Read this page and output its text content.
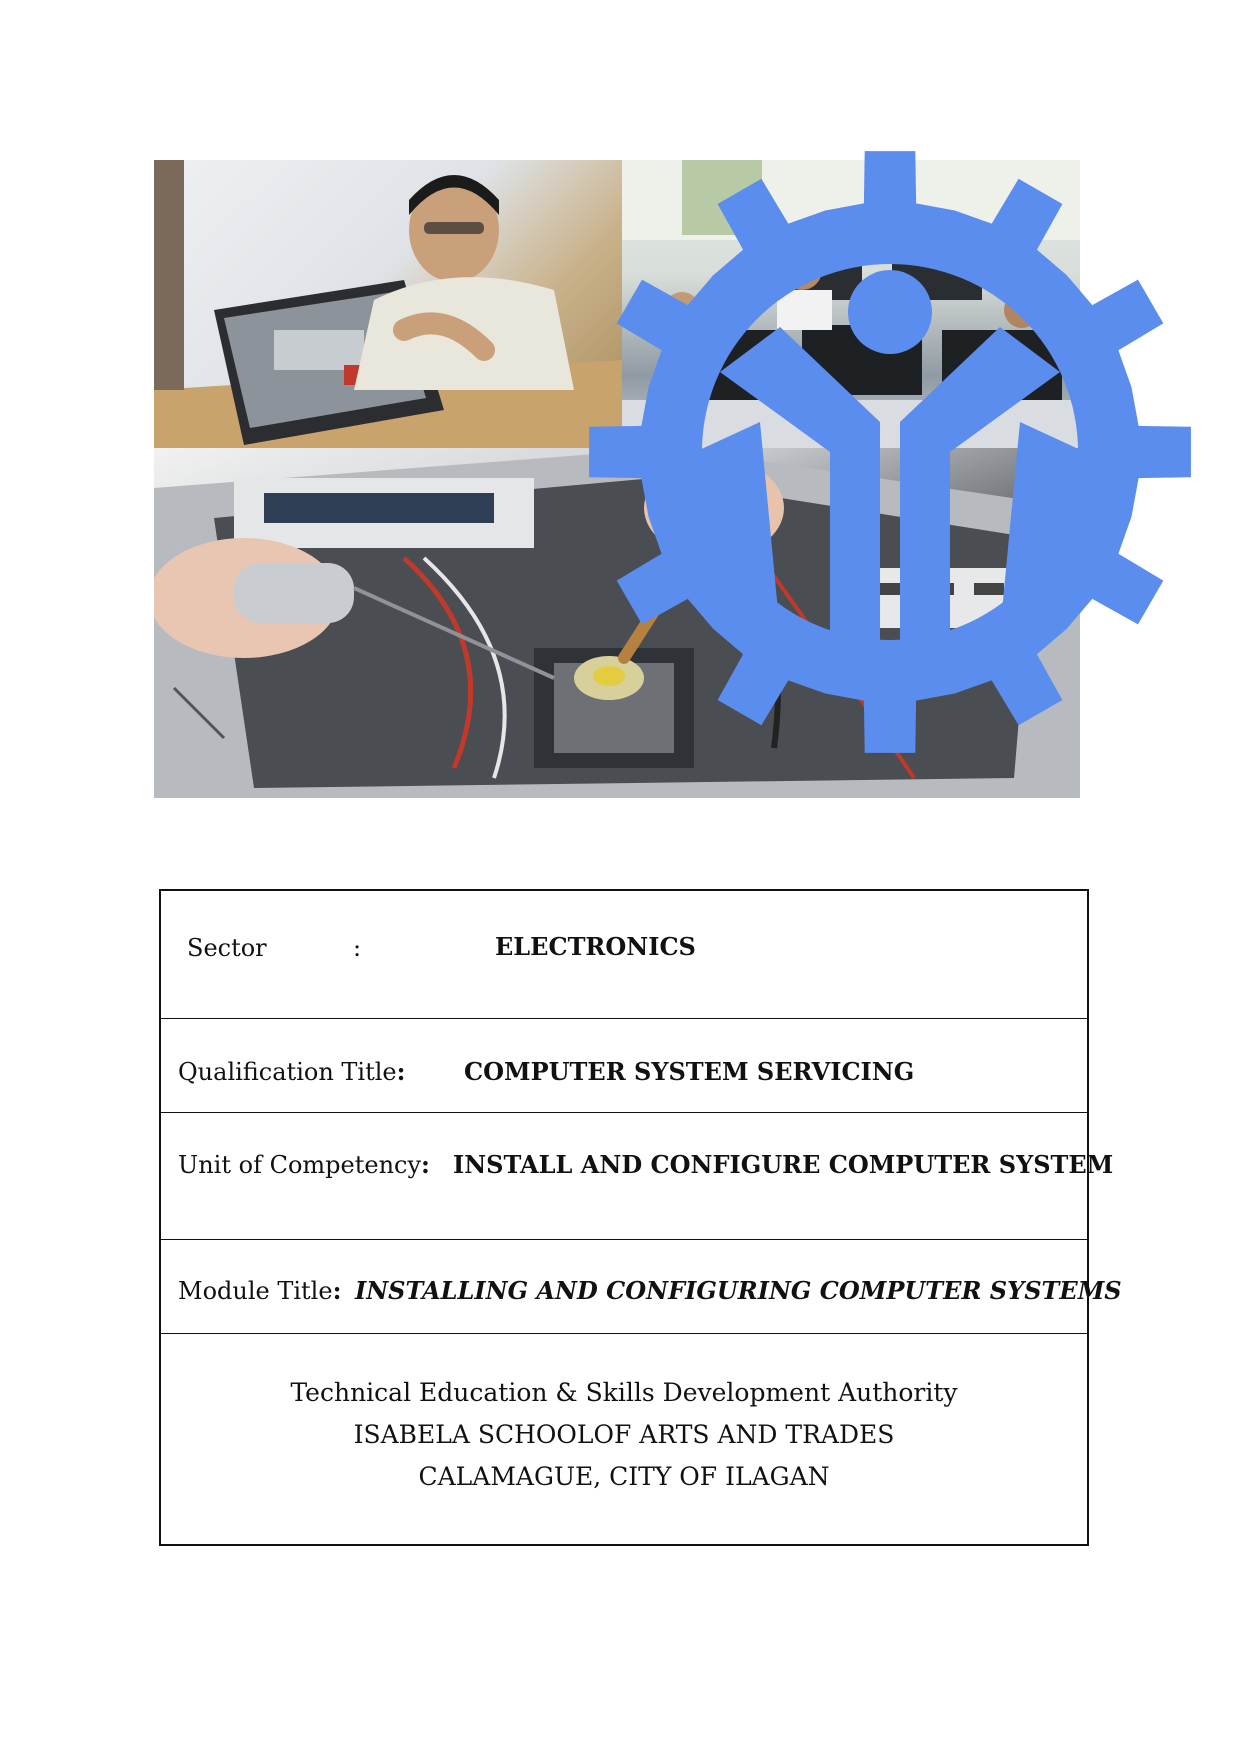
Sector	:	ELECTRONICS
Qualification Title: COMPUTER SYSTEM SERVICING
Unit of Competency: INSTALL AND CONFIGURE COMPUTER SYSTEM
Module Title: INSTALLING AND CONFIGURING COMPUTER SYSTEMS
Technical Education & Skills Development Authority
ISABELA SCHOOLOF ARTS AND TRADES
CALAMAGUE, CITY OF ILAGAN
